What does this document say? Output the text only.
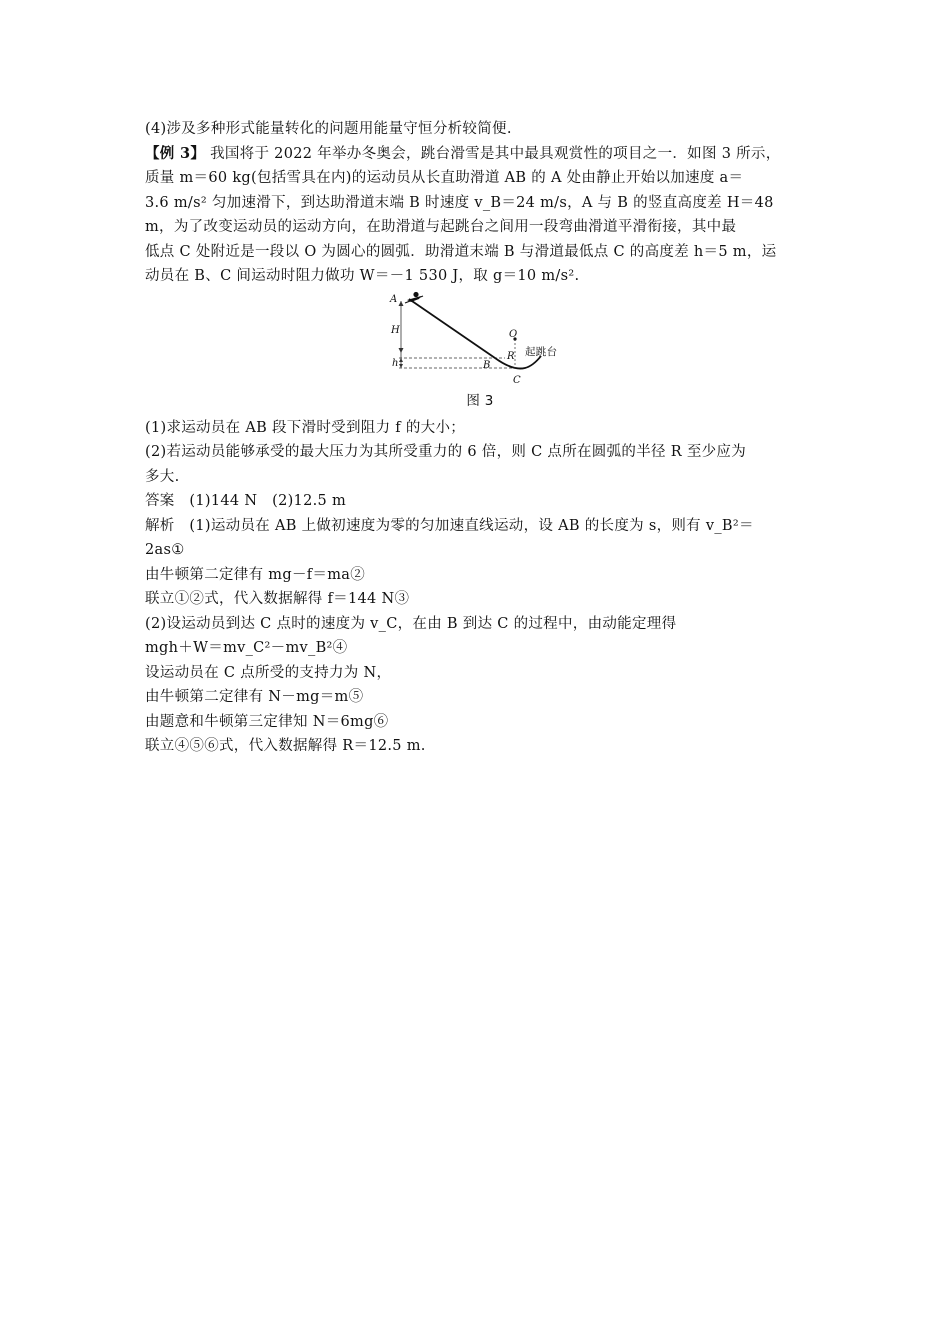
(4)涉及多种形式能量转化的问题用能量守恒分析较简便.
【例 3】 我国将于 2022 年举办冬奥会，跳台滑雪是其中最具观赏性的项目之一．如图 3 所示，
质量 m＝60 kg(包括雪具在内)的运动员从长直助滑道 AB 的 A 处由静止开始以加速度 a＝
3.6 m/s² 匀加速滑下，到达助滑道末端 B 时速度 v_B＝24 m/s，A 与 B 的竖直高度差 H＝48
m，为了改变运动员的运动方向，在助滑道与起跳台之间用一段弯曲滑道平滑衔接，其中最
低点 C 处附近是一段以 O 为圆心的圆弧．助滑道末端 B 与滑道最低点 C 的高度差 h＝5 m，运
动员在 B、C 间运动时阻力做功 W＝－1 530 J，取 g＝10 m/s².
A
H
h	B
C
O
R 起跳台
图 3
(1)求运动员在 AB 段下滑时受到阻力 f 的大小；
(2)若运动员能够承受的最大压力为其所受重力的 6 倍，则 C 点所在圆弧的半径 R 至少应为
多大.
答案　(1)144 N　(2)12.5 m
解析　(1)运动员在 AB 上做初速度为零的匀加速直线运动，设 AB 的长度为 s，则有 v_B²＝
2as①
由牛顿第二定律有 mg－f＝ma②
联立①②式，代入数据解得 f＝144 N③
(2)设运动员到达 C 点时的速度为 v_C，在由 B 到达 C 的过程中，由动能定理得
mgh＋W＝mv_C²－mv_B²④
设运动员在 C 点所受的支持力为 N，
由牛顿第二定律有 N－mg＝m⑤
由题意和牛顿第三定律知 N＝6mg⑥
联立④⑤⑥式，代入数据解得 R＝12.5 m.
